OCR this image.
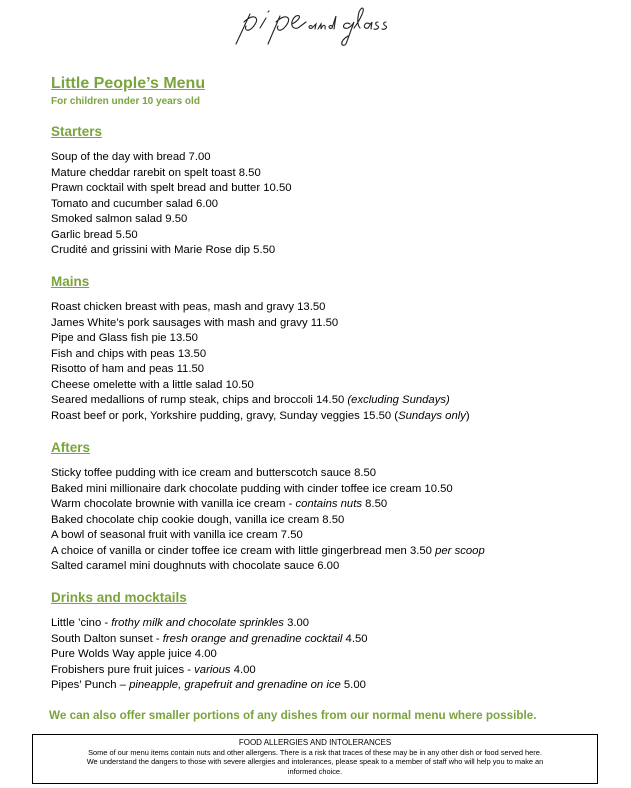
Little People’s Menu
For children under 10 years old
Starters
Soup of the day with bread 7.00
Mature cheddar rarebit on spelt toast 8.50
Prawn cocktail with spelt bread and butter 10.50
Tomato and cucumber salad 6.00
Smoked salmon salad 9.50
Garlic bread 5.50
Crudité and grissini with Marie Rose dip 5.50
Mains
Roast chicken breast with peas, mash and gravy 13.50
James White’s pork sausages with mash and gravy 11.50
Pipe and Glass fish pie 13.50
Fish and chips with peas 13.50
Risotto of ham and peas 11.50
Cheese omelette with a little salad 10.50
Seared medallions of rump steak, chips and broccoli 14.50 (excluding Sundays)
Roast beef or pork, Yorkshire pudding, gravy, Sunday veggies 15.50 (Sundays only)
Afters
Sticky toffee pudding with ice cream and butterscotch sauce 8.50
Baked mini millionaire dark chocolate pudding with cinder toffee ice cream 10.50
Warm chocolate brownie with vanilla ice cream - contains nuts 8.50
Baked chocolate chip cookie dough, vanilla ice cream 8.50
A bowl of seasonal fruit with vanilla ice cream 7.50
A choice of vanilla or cinder toffee ice cream with little gingerbread men 3.50 per scoop
Salted caramel mini doughnuts with chocolate sauce 6.00
Drinks and mocktails
Little ’cino - frothy milk and chocolate sprinkles 3.00
South Dalton sunset - fresh orange and grenadine cocktail 4.50
Pure Wolds Way apple juice 4.00
Frobishers pure fruit juices - various 4.00
Pipes’ Punch – pineapple, grapefruit and grenadine on ice 5.00
We can also offer smaller portions of any dishes from our normal menu where possible.
FOOD ALLERGIES AND INTOLERANCES
Some of our menu items contain nuts and other allergens. There is a risk that traces of these may be in any other dish or food served here.
We understand the dangers to those with severe allergies and intolerances, please speak to a member of staff who will help you to make an
informed choice.
